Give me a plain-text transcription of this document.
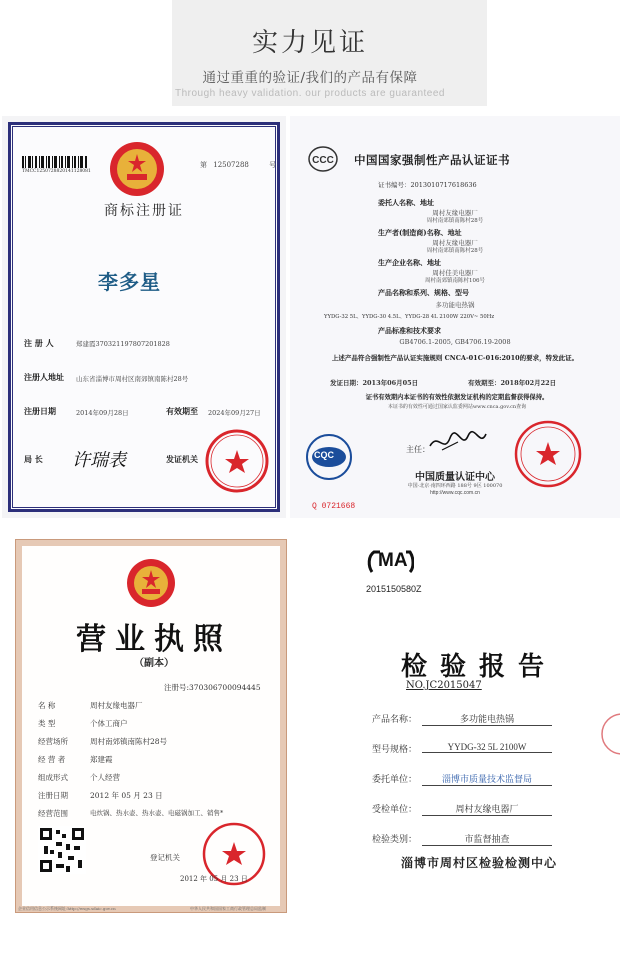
实力见证
通过重重的验证/我们的产品有保障
Through heavy validation. our products are guaranteed
TMCC1250728820141128081
第 12507288	号
商标注册证
李多星
注 册 人	郑建霞370321197807201828
注册人地址 山东省淄博市周村区南郊镇南陈村28号
注册日期	2014年09月28日	有效期至 2024年09月27日
局 长 许瑞表	发证机关
CCC 中国国家强制性产品认证证书
证书编号：2013010717618636
委托人名称、地址
周村友缘电器厂
周村南郊镇南陈村28号
生产者(制造商)名称、地址
周村友缘电器厂
周村南郊镇南陈村28号
生产企业名称、地址
周村佳美电器厂
周村南郊镇南陈村106号
产品名称和系列、规格、型号
多功能电热锅
YYDG-32 5L、YYDG-30 4.5L、YYDG-28 4L 2100W 220V~ 50Hz
产品标准和技术要求
GB4706.1-2005, GB4706.19-2008
上述产品符合强制性产品认证实施规则 CNCA-01C-016:2010的要求，特发此证。
发证日期：2013年06月05日	有效期至：2018年02月22日
证书有效期内本证书的有效性依据发证机构的定期监督获得保持。
本证书的有效性可通过国家认监委网站www.cnca.gov.cn查询
CQC
主任：
中国质量认证中心
中国·北京·南四环西路 188号 9区 100070
http://www.cqc.com.cn
Q 0721668
营业执照
（副本）
注册号:370306700094445
名 称	周村友缘电器厂
类 型	个体工商户
经营场所	周村南郊镇南陈村28号
经 营 者	郑建霞
组成形式	个人经营
注册日期	2012 年 05 月 23 日
经营范围	电炊锅、热水壶、热水壶、电磁锅加工、销售*
登记机关
2012 年 05 月 23 日
企业信用信息公示系统网址:http://wsgs.sdaic.gov.cn	中华人民共和国国家工商行政管理总局监制
MA
2015150580Z
检验报告
NO.JC2015047
产品名称：	多功能电热锅
型号规格：	YYDG-32 5L 2100W
委托单位：	淄博市质量技术监督局
受检单位：	周村友缘电器厂
检验类别：	市监督抽查
淄博市周村区检验检测中心
